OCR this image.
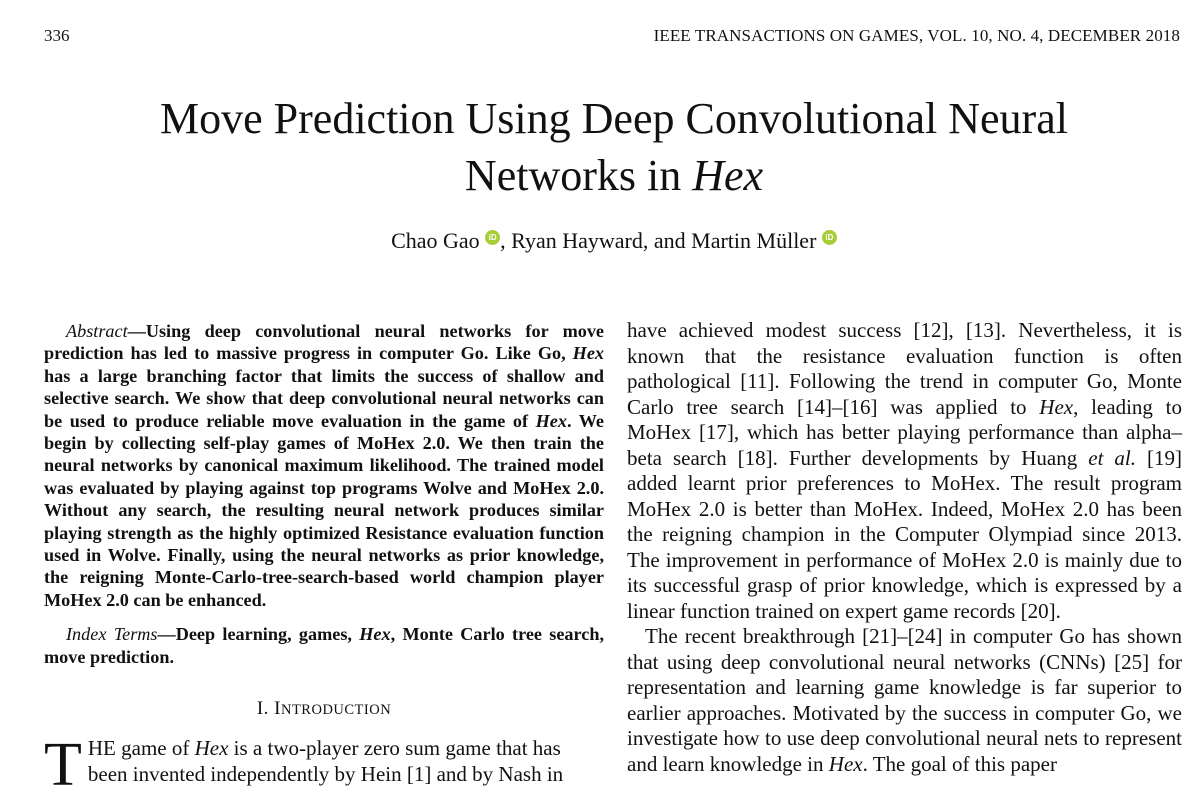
336	IEEE TRANSACTIONS ON GAMES, VOL. 10, NO. 4, DECEMBER 2018
Move Prediction Using Deep Convolutional Neural
Networks in Hex
Chao Gao iD , Ryan Hayward, and Martin Müller iD

Abstract—Using deep convolutional neural networks for move prediction has led to massive progress in computer Go. Like Go, Hex has a large branching factor that limits the success of shallow and selective search. We show that deep convolutional neural networks can be used to produce reliable move evaluation in the game of Hex. We begin by collecting self-play games of MoHex 2.0. We then train the neural networks by canonical maximum likelihood. The trained model was evaluated by playing against top programs Wolve and MoHex 2.0. Without any search, the resulting neural network produces similar playing strength as the highly optimized Resistance evaluation function used in Wolve. Finally, using the neural networks as prior knowledge, the reigning Monte-Carlo-tree-search-based world champion player MoHex 2.0 can be enhanced.

Index Terms—Deep learning, games, Hex, Monte Carlo tree search, move prediction.

I. INTRODUCTION
THE game of Hex is a two-player zero sum game that has been invented independently by Hein [1] and by Nash in

have achieved modest success [12], [13]. Nevertheless, it is known that the resistance evaluation function is often pathological [11]. Following the trend in computer Go, Monte Carlo tree search [14]–[16] was applied to Hex, leading to MoHex [17], which has better playing performance than alpha–beta search [18]. Further developments by Huang et al. [19] added learnt prior preferences to MoHex. The result program MoHex 2.0 is better than MoHex. Indeed, MoHex 2.0 has been the reigning champion in the Computer Olympiad since 2013. The improvement in performance of MoHex 2.0 is mainly due to its successful grasp of prior knowledge, which is expressed by a linear function trained on expert game records [20].

The recent breakthrough [21]–[24] in computer Go has shown that using deep convolutional neural networks (CNNs) [25] for representation and learning game knowledge is far superior to earlier approaches. Motivated by the success in computer Go, we investigate how to use deep convolutional neural nets to represent and learn knowledge in Hex. The goal of this paper
